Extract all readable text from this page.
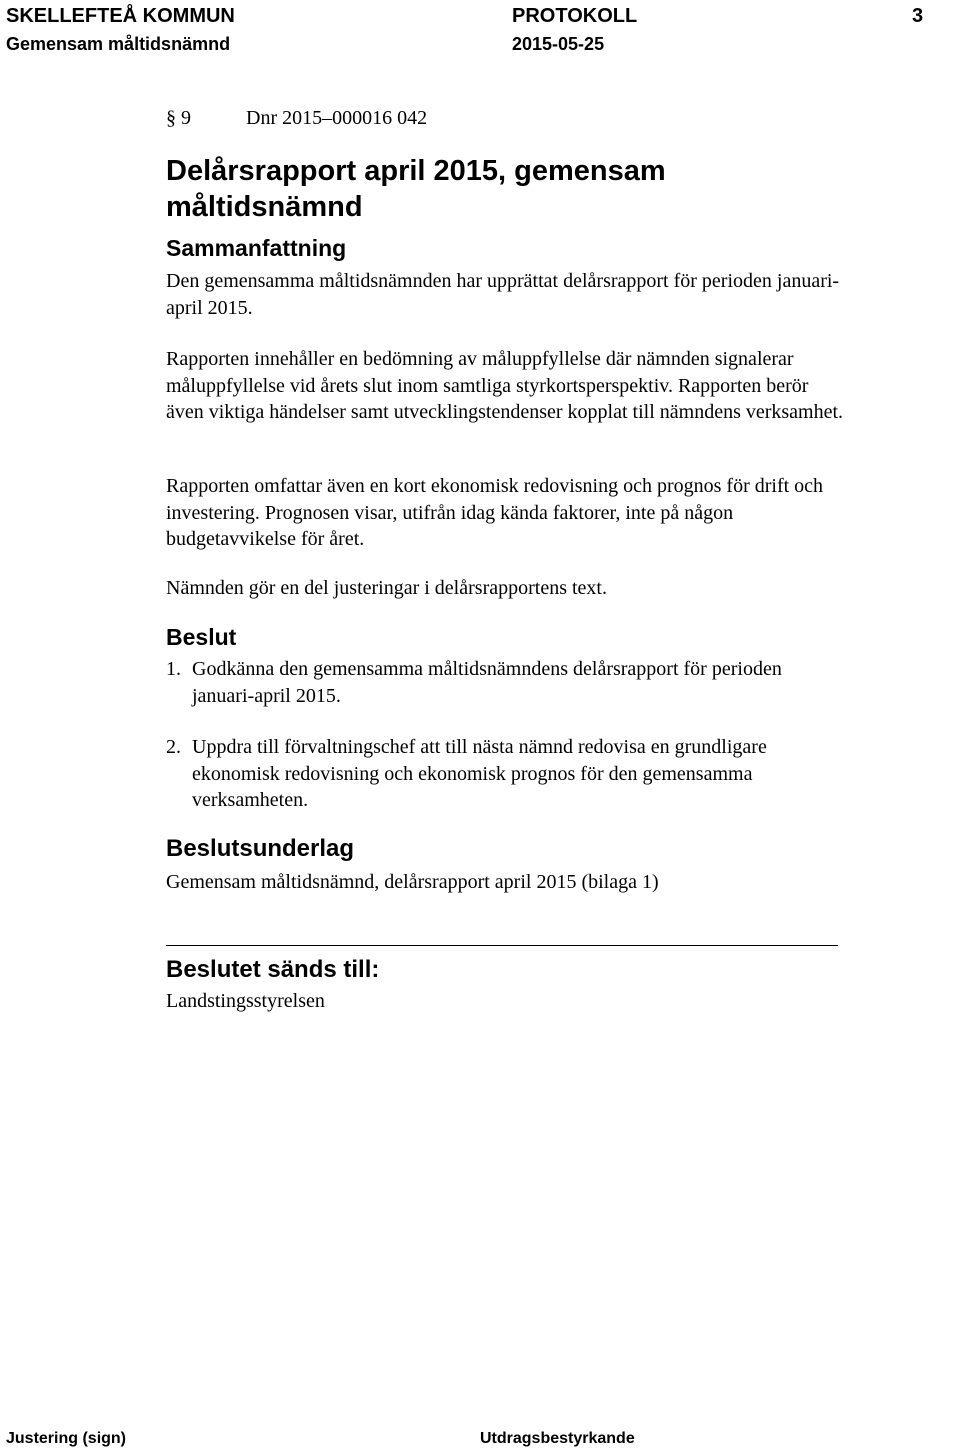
SKELLEFTEÅ KOMMUN	PROTOKOLL	3
Gemensam måltidsnämnd	2015-05-25
§ 9	Dnr 2015–000016 042
Delårsrapport april 2015, gemensam måltidsnämnd
Sammanfattning
Den gemensamma måltidsnämnden har upprättat delårsrapport för perioden januari-april 2015.
Rapporten innehåller en bedömning av måluppfyllelse där nämnden signalerar måluppfyllelse vid årets slut inom samtliga styrkortsperspektiv. Rapporten berör även viktiga händelser samt utvecklingstendenser kopplat till nämndens verksamhet.
Rapporten omfattar även en kort ekonomisk redovisning och prognos för drift och investering. Prognosen visar, utifrån idag kända faktorer, inte på någon budgetavvikelse för året.
Nämnden gör en del justeringar i delårsrapportens text.
Beslut
1. Godkänna den gemensamma måltidsnämndens delårsrapport för perioden januari-april 2015.
2. Uppdra till förvaltningschef att till nästa nämnd redovisa en grundligare ekonomisk redovisning och ekonomisk prognos för den gemensamma verksamheten.
Beslutsunderlag
Gemensam måltidsnämnd, delårsrapport april 2015 (bilaga 1)
Beslutet sänds till:
Landstingsstyrelsen
Justering (sign)	Utdragsbestyrkande
